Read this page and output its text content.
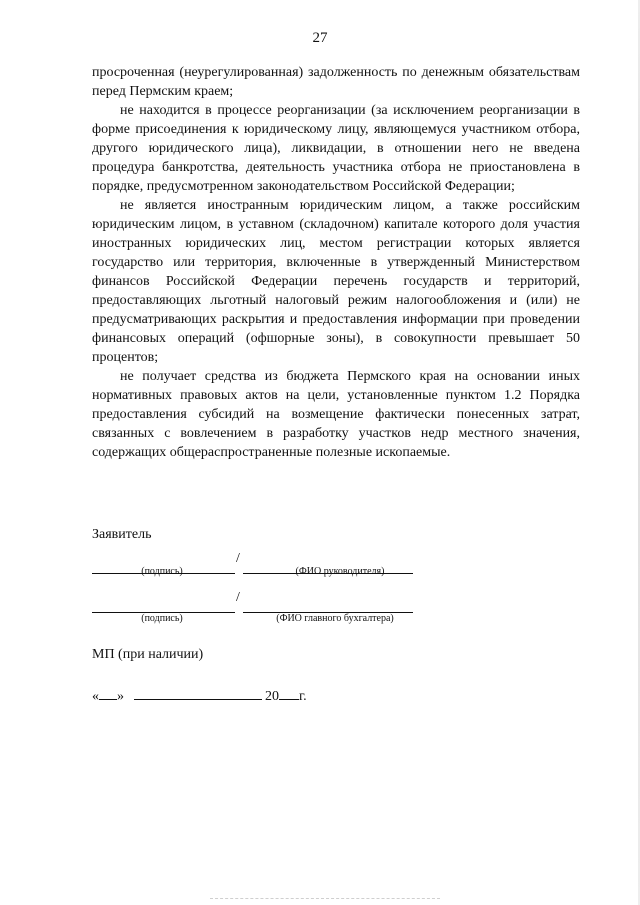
27

просроченная (неурегулированная) задолженность по денежным обязательствам перед Пермским краем;

не находится в процессе реорганизации (за исключением реорганизации в форме присоединения к юридическому лицу, являющемуся участником отбора, другого юридического лица), ликвидации, в отношении него не введена процедура банкротства, деятельность участника отбора не приостановлена в порядке, предусмотренном законодательством Российской Федерации;

не является иностранным юридическим лицом, а также российским юридическим лицом, в уставном (складочном) капитале которого доля участия иностранных юридических лиц, местом регистрации которых является государство или территория, включенные в утвержденный Министерством финансов Российской Федерации перечень государств и территорий, предоставляющих льготный налоговый режим налогообложения и (или) не предусматривающих раскрытия и предоставления информации при проведении финансовых операций (офшорные зоны), в совокупности превышает 50 процентов;

не получает средства из бюджета Пермского края на основании иных нормативных правовых актов на цели, установленные пунктом 1.2 Порядка предоставления субсидий на возмещение фактически понесенных затрат, связанных с вовлечением в разработку участков недр местного значения, содержащих общераспространенные полезные ископаемые.

Заявитель
/
(подпись)	(ФИО руководителя)
/
(подпись)	(ФИО главного бухгалтера)
МП (при наличии)
« »	20 г.
